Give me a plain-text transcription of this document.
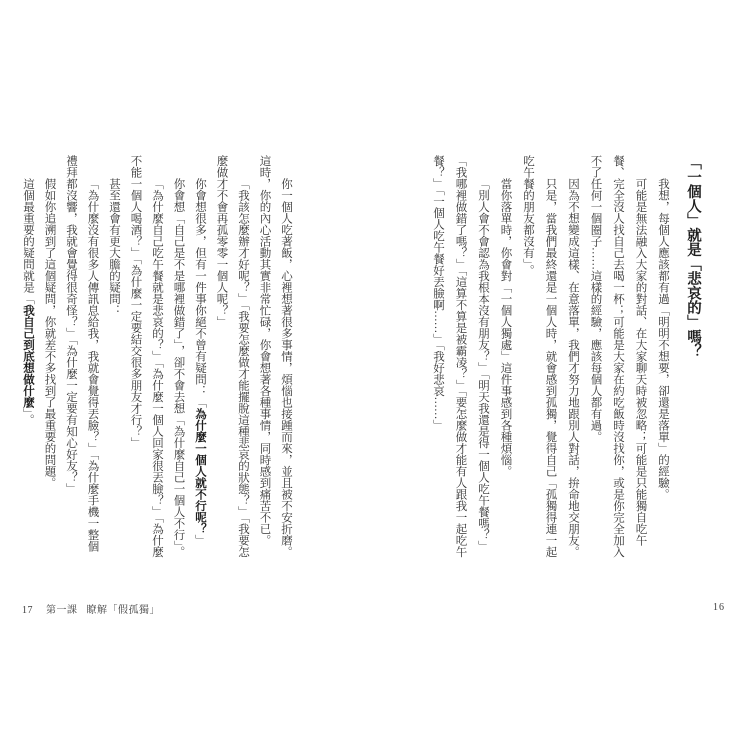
「一個人」就是「悲哀的」嗎？

我想，每個人應該都有過「明明不想要，卻還是落單」的經驗。

可能是無法融入大家的對話、在大家聊天時被忽略；可能是只能獨自吃午餐、完全沒人找自己去喝一杯；可能是大家在約吃飯時沒找你，或是你完全加入不了任何一個圈子……這樣的經驗，應該每個人都有過。

因為不想變成這樣、在意落單，我們才努力地跟別人對話，拚命地交朋友。

只是，當我們最終還是一個人時，就會感到孤獨，覺得自己「孤獨得連一起吃午餐的朋友都沒有」。

當你落單時，你會對「一個人獨處」這件事感到各種煩惱。

「別人會不會認為我根本沒有朋友？」「明天我還是得一個人吃午餐嗎？」「我哪裡做錯了嗎？」「這算不算是被霸凌？」「要怎麼做才能有人跟我一起吃午餐？」「一個人吃午餐好丟臉啊……」「我好悲哀……」

你一個人吃著飯，心裡想著很多事情，煩惱也接踵而來，並且被不安折磨。這時，你的內心活動其實非常忙碌，你會想著各種事情，同時感到痛苦不已。

「我該怎麼辦才好呢？」「我要怎麼做才能擺脫這種悲哀的狀態？」「我要怎麼做才不會再孤零零一個人呢？」

你會想很多，但有一件事你絕不曾有疑問：「為什麼一個人就不行呢？」

你會想「自己是不是哪裡做錯了」，卻不會去想「為什麼自己一個人不行」。

「為什麼自己吃午餐就是悲哀的？」「為什麼一個人回家很丟臉？」「為什麼不能一個人喝酒？」「為什麼一定要結交很多朋友才行？」

甚至還會有更大膽的疑問：

「為什麼沒有很多人傳訊息給我，我就會覺得丟臉？」「為什麼手機一整個禮拜都沒響，我就會覺得很奇怪？」「為什麼一定要有知心好友？」

假如你追溯到了這個疑問，你就差不多找到了最重要的問題。

這個最重要的疑問就是「我自己到底想做什麼」。

17 第一課 瞭解「假孤獨」	16
